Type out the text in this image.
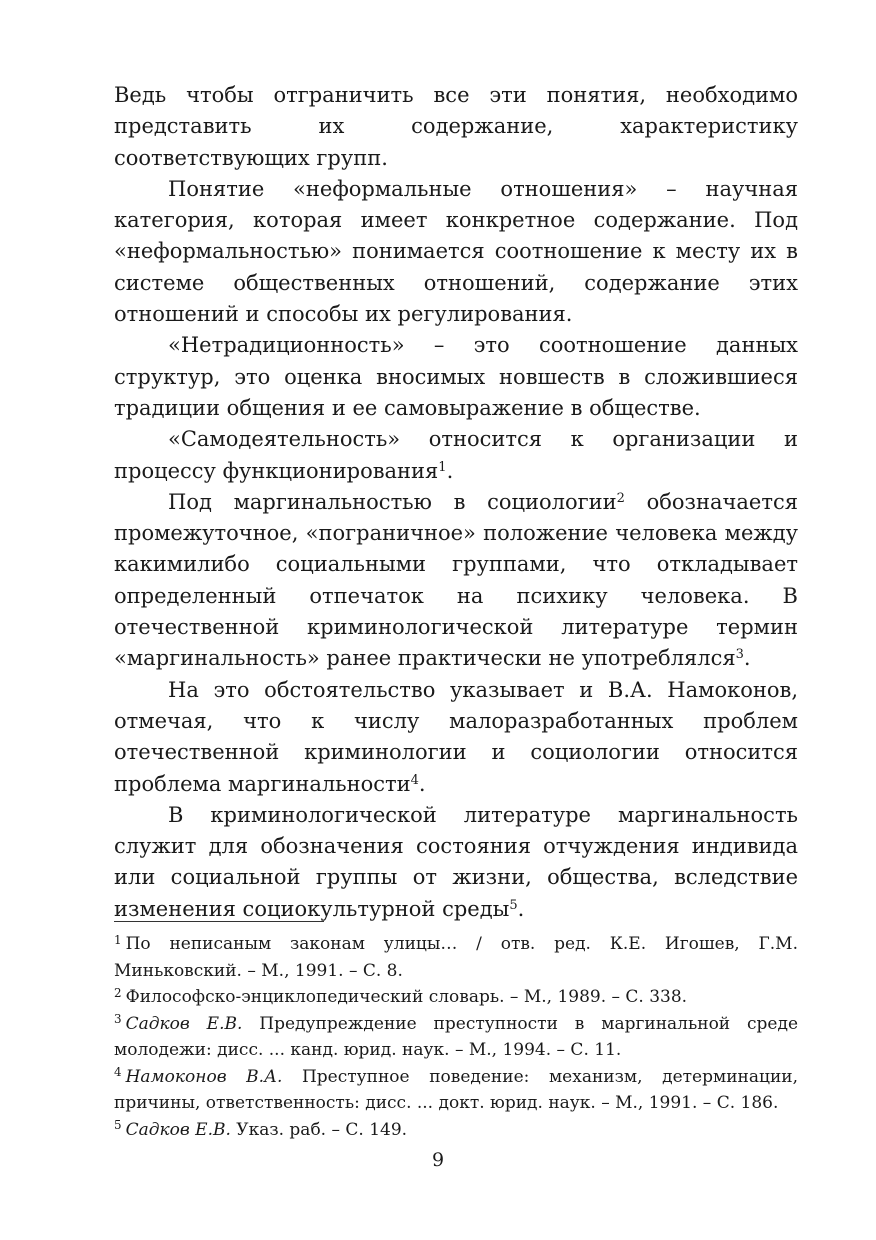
Ведь чтобы отграничить все эти понятия, необходимо представить их содержание, характеристику соответствующих групп.

Понятие «неформальные отношения» – научная категория, которая имеет конкретное содержание. Под «неформальностью» понимается соотношение к месту их в системе общественных отношений, содержание этих отношений и способы их регулирования.

«Нетрадиционность» – это соотношение данных структур, это оценка вносимых новшеств в сложившиеся традиции общения и ее самовыражение в обществе.

«Самодеятельность» относится к организации и процессу функционирования$^1$.

Под маргинальностью в социологии$^2$ обозначается промежуточное, «пограничное» положение человека между какимилибо социальными группами, что откладывает определенный отпечаток на психику человека. В отечественной криминологической литературе термин «маргинальность» ранее практически не употреблялся$^3$.

На это обстоятельство указывает и В.А. Намоконов, отмечая, что к числу малоразработанных проблем отечественной криминологии и социологии относится проблема маргинальности$^4$.

В криминологической литературе маргинальность служит для обозначения состояния отчуждения индивида или социальной группы от жизни, общества, вследствие изменения социокультурной среды$^5$.

$^1$ По неписаным законам улицы… / отв. ред. К.Е. Игошев, Г.М. Миньковский. – М., 1991. – С. 8.

$^2$ Философско-энциклопедический словарь. – М., 1989. – С. 338.

$^3$ Садков Е.В. Предупреждение преступности в маргинальной среде молодежи: дисс. ... канд. юрид. наук. – М., 1994. – С. 11.

$^4$ Намоконов В.А. Преступное поведение: механизм, детерминации, причины, ответственность: дисс. ... докт. юрид. наук. – М., 1991. – С. 186.

$^5$ Садков Е.В. Указ. раб. – С. 149.

9
